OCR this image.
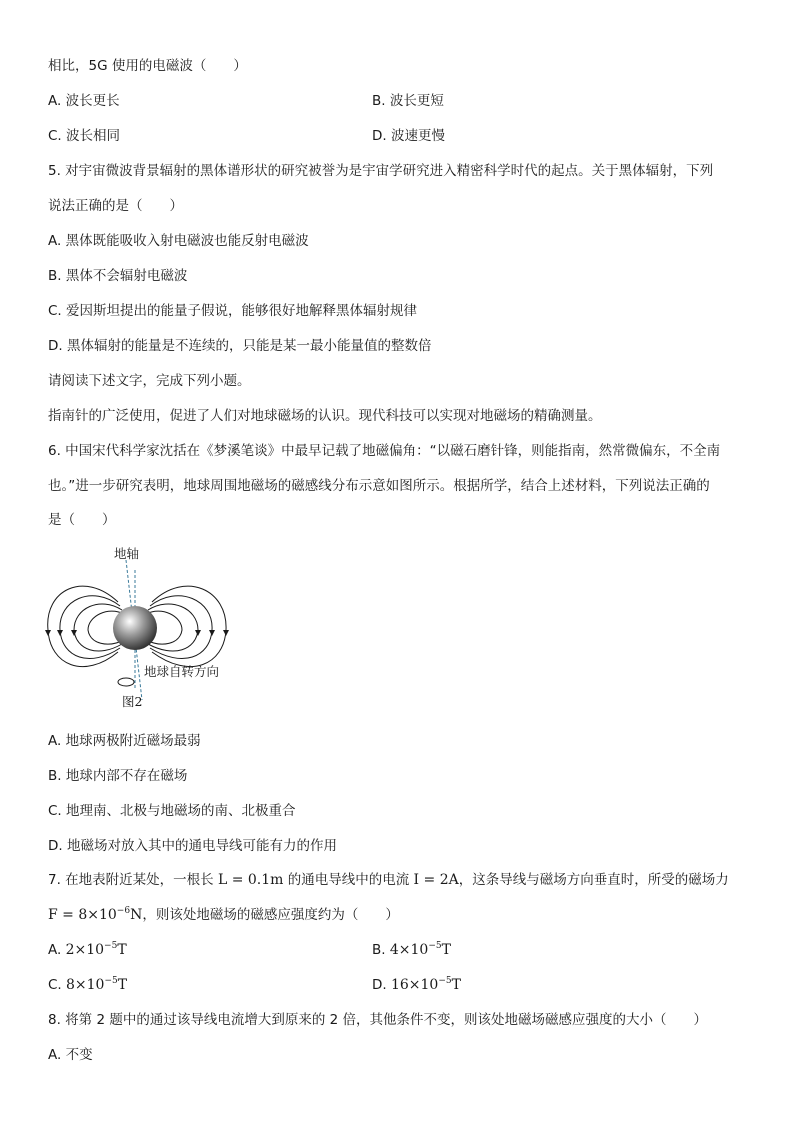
相比，5G 使用的电磁波（　　）
A. 波长更长	B. 波长更短
C. 波长相同	D. 波速更慢
5. 对宇宙微波背景辐射的黑体谱形状的研究被誉为是宇宙学研究进入精密科学时代的起点。关于黑体辐射，下列
说法正确的是（　　）
A. 黑体既能吸收入射电磁波也能反射电磁波
B. 黑体不会辐射电磁波
C. 爱因斯坦提出的能量子假说，能够很好地解释黑体辐射规律
D. 黑体辐射的能量是不连续的，只能是某一最小能量值的整数倍
请阅读下述文字，完成下列小题。
指南针的广泛使用，促进了人们对地球磁场的认识。现代科技可以实现对地磁场的精确测量。
6. 中国宋代科学家沈括在《梦溪笔谈》中最早记载了地磁偏角：“以磁石磨针锋，则能指南，然常微偏东，不全南
也。”进一步研究表明，地球周围地磁场的磁感线分布示意如图所示。根据所学，结合上述材料，下列说法正确的
是（　　）
地轴
地球自转方向
图2
A. 地球两极附近磁场最弱
B. 地球内部不存在磁场
C. 地理南、北极与地磁场的南、北极重合
D. 地磁场对放入其中的通电导线可能有力的作用
7. 在地表附近某处，一根长 L = 0.1m 的通电导线中的电流 I = 2A，这条导线与磁场方向垂直时，所受的磁场力
$F = 8\times 10^{-6}N$，则该处地磁场的磁感应强度约为（　　）
A. $2\times 10^{-5}T$	B. $4\times 10^{-5}T$
C. $8\times 10^{-5}T$	D. $16\times 10^{-5}T$
8. 将第 2 题中的通过该导线电流增大到原来的 2 倍，其他条件不变，则该处地磁场磁感应强度的大小（　　）
A. 不变
